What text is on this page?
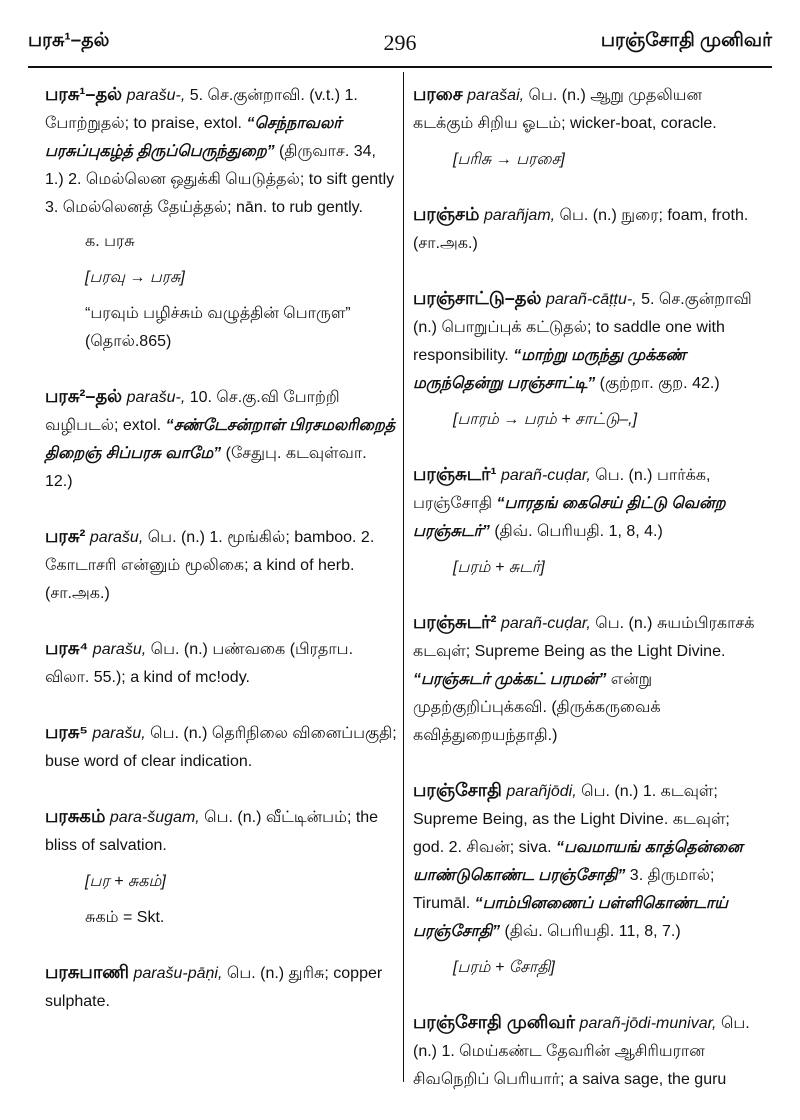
பரசு¹–தல்	296	பரஞ்சோதி முனிவர்
பரசு¹–தல் parašu-, 5. செ.குன்றாவி. (v.t.) 1. போற்றுதல்; to praise, extol. “செந்நாவலர் பரசுப்புகழ்த் திருப்பெருந்துறை” (திருவாச. 34, 1.) 2. மெல்லென ஒதுக்கி யெடுத்தல்; to sift gently 3. மெல்லெனத் தேய்த்தல்; nān. to rub gently.
க. பரசு
[பரவு → பரசு]
“பரவும் பழிச்சும் வழுத்தின் பொருள” (தொல்.865)
பரசு²–தல் parašu-, 10. செ.கு.வி போற்றி வழிபடல்; extol. “சண்டேசன்றாள் பிரசமலரிறைத் திறைஞ் சிப்பரசு வாமே” (சேதுபு. கடவுள்வா. 12.)
பரசு² parašu, பெ. (n.) 1. மூங்கில்; bamboo. 2. கோடாசரி என்னும் மூலிகை; a kind of herb. (சா.அக.)
பரசு⁴ parašu, பெ. (n.) பண்வகை (பிரதாப. விலா. 55.); a kind of mc!ody.
பரசு⁵ parašu, பெ. (n.) தெரிநிலை வினைப்பகுதி; buse word of clear indication.
பரசுகம் para-šugam, பெ. (n.) வீட்டின்பம்; the bliss of salvation.
[பர + சுகம்]
சுகம் = Skt.
பரசுபாணி parašu-pāṇi, பெ. (n.) துரிசு; copper sulphate.
பரசை parašai, பெ. (n.) ஆறு முதலியன கடக்கும் சிறிய ஓடம்; wicker-boat, coracle.
[பரிசு → பரசை]
பரஞ்சம் parañjam, பெ. (n.) நுரை; foam, froth. (சா.அக.)
பரஞ்சாட்டு–தல் parañ-cāṭṭu-, 5. செ.குன்றாவி (n.) பொறுப்புக் கட்டுதல்; to saddle one with responsibility. “மாற்று மருந்து முக்கண் மருந்தென்று பரஞ்சாட்டி” (குற்றா. குற. 42.)
[பாரம் → பரம் + சாட்டு–,]
பரஞ்சுடர்¹ parañ-cuḍar, பெ. (n.) பார்க்க, பரஞ்சோதி “பாரதங் கைசெய் திட்டு வென்ற பரஞ்சுடர்” (திவ். பெரியதி. 1, 8, 4.)
[பரம் + சுடர்]
பரஞ்சுடர்² parañ-cuḍar, பெ. (n.) சுயம்பிரகாசக் கடவுள்; Supreme Being as the Light Divine. “பரஞ்சுடர் முக்கட் பரமன்” என்று முதற்குறிப்புக்கவி. (திருக்கருவைக் கவித்துறையந்தாதி.)
பரஞ்சோதி parañjōdi, பெ. (n.) 1. கடவுள்; Supreme Being, as the Light Divine. கடவுள்; god. 2. சிவன்; siva. “பவமாயங் காத்தென்னை யாண்டுகொண்ட பரஞ்சோதி” 3. திருமால்; Tirumāl. “பாம்பினணைப் பள்ளிகொண்டாய் பரஞ்சோதி” (திவ். பெரியதி. 11, 8, 7.)
[பரம் + சோதி]
பரஞ்சோதி முனிவர் parañ-jōdi-munivar, பெ. (n.) 1. மெய்கண்ட தேவரின் ஆசிரியரான சிவநெறிப் பெரியார்; a saiva sage, the guru
